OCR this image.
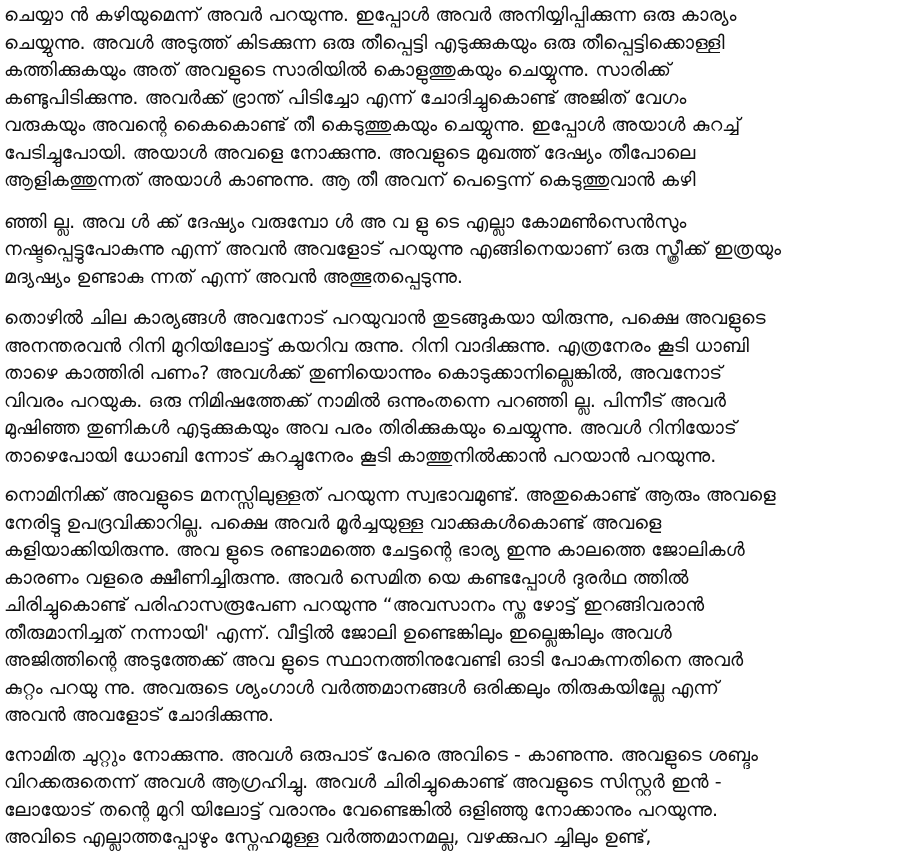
ചെയ്യാ ൻ കഴിയുമെന്ന് അവർ പറയുന്നു. ഇപ്പോൾ അവർ അനിയ്യിപ്പിക്കുന്ന ഒരു കാര്യം
ചെയ്യുന്നു. അവൾ അടുത്ത് കിടക്കുന്ന ഒരു തീപ്പെട്ടി എടുക്കുകയും ഒരു തീപ്പെട്ടിക്കൊള്ളി
കത്തിക്കുകയും അത് അവളുടെ സാരിയിൽ കൊളുത്തുകയും ചെയ്യുന്നു. സാരിക്ക്
കണ്ടുപിടിക്കുന്നു. അവർക്ക് ഭ്രാന്ത് പിടിച്ചോ എന്ന് ചോദിച്ചുകൊണ്ട് അജിത് വേഗം
വരുകയും അവന്റെ കൈകൊണ്ട് തീ കെടുത്തുകയും ചെയ്യുന്നു. ഇപ്പോൾ അയാൾ കുറച്ച്
പേടിച്ചുപോയി. അയാൾ അവളെ നോക്കുന്നു. അവളുടെ മുഖത്ത് ദേഷ്യം തീപോലെ
ആളികത്തുന്നത് അയാൾ കാണുന്നു. ആ തീ അവന് പെട്ടെന്ന് കെടുത്തുവാൻ കഴി
ഞ്ഞി ല്ല. അവ ൾ ക്ക് ദേഷ്യം വരുമ്പോ ൾ അ വ ളു ടെ എല്ലാ കോമൺസെൻസും
നഷ്ടപ്പെട്ടുപോകുന്നു എന്ന് അവൻ അവളോട് പറയുന്നു എങ്ങിനെയാണ് ഒരു സ്ത്രീക്ക് ഇത്രയും
മദ്യഷ്യം ഉണ്ടാകു ന്നത് എന്ന് അവൻ അത്ഭുതപ്പെടുന്നു.
തൊഴിൽ ചില കാര്യങ്ങൾ അവനോട് പറയുവാൻ തുടങ്ങുകയാ യിരുന്നു, പക്ഷെ അവളുടെ
അനന്തരവൻ റിനി മുറിയിലോട്ട് കയറിവ രുന്നു. റിനി വാദിക്കുന്നു. എത്രനേരം കൂടി ധാബി
താഴെ കാത്തിരി പണം? അവൾക്ക് തുണിയൊന്നും കൊടുക്കാനില്ലെങ്കിൽ, അവനോട്
വിവരം പറയുക. ഒരു നിമിഷത്തേക്ക് നാമിൽ ഒന്നുംതന്നെ പറഞ്ഞി ല്ല. പിന്നീട് അവർ
മുഷിഞ്ഞ തുണികൾ എടുക്കുകയും അവ പരം തിരിക്കുകയും ചെയ്യുന്നു. അവൾ റിനിയോട്
താഴെപോയി ധോബി ന്നോട് കുറച്ചുനേരം കൂടി കാത്തുനിൽക്കാൻ പറയാൻ പറയുന്നു.
നൊമിനിക്ക് അവളുടെ മനസ്സിലുള്ളത് പറയുന്ന സ്വഭാവമുണ്ട്. അതുകൊണ്ട് ആരും അവളെ
നേരിട്ടു ഉപദ്രവിക്കാറില്ല. പക്ഷെ അവർ മൂർച്ചയുള്ള വാക്കുകൾകൊണ്ട് അവളെ
കളിയാക്കിയിരുന്നു. അവ ളുടെ രണ്ടാമത്തെ ചേട്ടന്റെ ഭാര്യ ഇന്നു കാലത്തെ ജോലികൾ
കാരണം വളരെ ക്ഷീണിച്ചിരുന്നു. അവർ സെമിത യെ കണ്ടപ്പോൾ ദുരർഥ ത്തിൽ
ചിരിച്ചുകൊണ്ട് പരിഹാസരൂപേണ പറയുന്നു “അവസാനം സ്ത ഴോട്ട് ഇറങ്ങിവരാൻ
തീരുമാനിച്ചത് നന്നായി' എന്ന്. വീട്ടിൽ ജോലി ഉണ്ടെങ്കിലും ഇല്ലെങ്കിലും അവൾ
അജിത്തിന്റെ അടുത്തേക്ക് അവ ളുടെ സ്ഥാനത്തിനുവേണ്ടി ഓടി പോകുന്നതിനെ അവർ
കുറ്റം പറയു ന്നു. അവരുടെ ശ്യംഗാൾ വർത്തമാനങ്ങൾ ഒരിക്കലും തിരുകയില്ലേ എന്ന്
അവൻ അവളോട് ചോദിക്കുന്നു.
നോമിത ചുറ്റും നോക്കുന്നു. അവൾ ഒരുപാട് പേരെ അവിടെ - കാണുന്നു. അവളുടെ ശബ്ദം
വിറക്കരുതെന്ന് അവൾ ആഗ്രഹിച്ചു. അവൾ ചിരിച്ചുകൊണ്ട് അവളുടെ സിസ്റ്റർ ഇൻ -
ലോയോട് തന്റെ മുറി യിലോട്ട് വരാനും വേണ്ടെങ്കിൽ ഒളിഞ്ഞു നോക്കാനും പറയുന്നു.
അവിടെ എല്ലാത്തപ്പോഴും സ്നേഹമുള്ള വർത്തമാനമല്ല, വഴക്കുപറ ച്ചിലും ഉണ്ട്,
